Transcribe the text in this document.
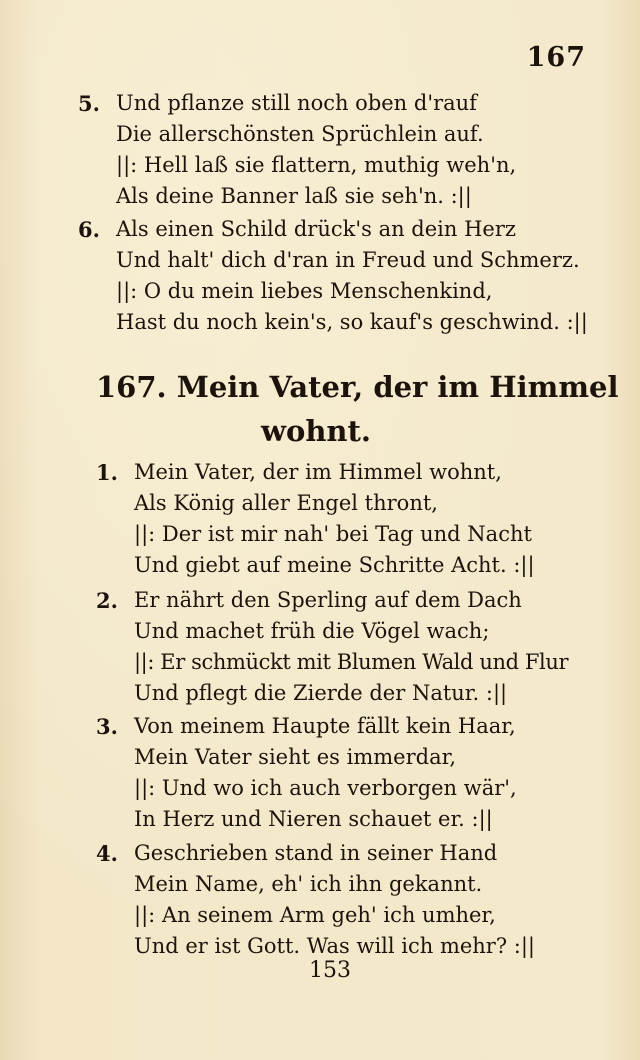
167
5. Und pflanze still noch oben d'rauf
Die allerschönsten Sprüchlein auf.
||: Hell laß sie flattern, muthig weh'n,
Als deine Banner laß sie seh'n. :||
6. Als einen Schild drück's an dein Herz
Und halt' dich d'ran in Freud und Schmerz.
||: O du mein liebes Menschenkind,
Hast du noch kein's, so kauf's geschwind. :||
167. Mein Vater, der im Himmel
wohnt.
1. Mein Vater, der im Himmel wohnt,
Als König aller Engel thront,
||: Der ist mir nah' bei Tag und Nacht
Und giebt auf meine Schritte Acht. :||
2. Er nährt den Sperling auf dem Dach
Und machet früh die Vögel wach;
||: Er schmückt mit Blumen Wald und Flur
Und pflegt die Zierde der Natur. :||
3. Von meinem Haupte fällt kein Haar,
Mein Vater sieht es immerdar,
||: Und wo ich auch verborgen wär',
In Herz und Nieren schauet er. :||
4. Geschrieben stand in seiner Hand
Mein Name, eh' ich ihn gekannt.
||: An seinem Arm geh' ich umher,
Und er ist Gott. Was will ich mehr? :||
153
